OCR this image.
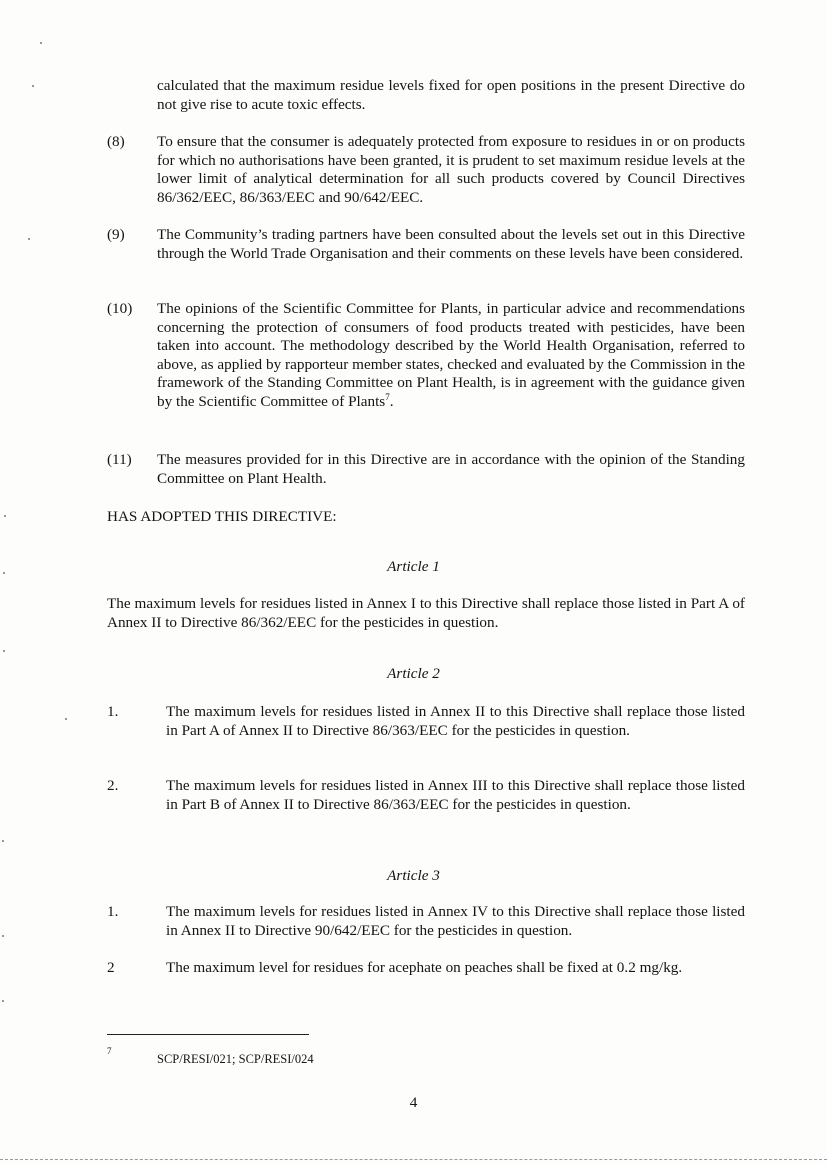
calculated that the maximum residue levels fixed for open positions in the present Directive do not give rise to acute toxic effects.
(8) To ensure that the consumer is adequately protected from exposure to residues in or on products for which no authorisations have been granted, it is prudent to set maximum residue levels at the lower limit of analytical determination for all such products covered by Council Directives 86/362/EEC, 86/363/EEC and 90/642/EEC.
(9) The Community’s trading partners have been consulted about the levels set out in this Directive through the World Trade Organisation and their comments on these levels have been considered.
(10) The opinions of the Scientific Committee for Plants, in particular advice and recommendations concerning the protection of consumers of food products treated with pesticides, have been taken into account. The methodology described by the World Health Organisation, referred to above, as applied by rapporteur member states, checked and evaluated by the Commission in the framework of the Standing Committee on Plant Health, is in agreement with the guidance given by the Scientific Committee of Plants$^7$.
(11) The measures provided for in this Directive are in accordance with the opinion of the Standing Committee on Plant Health.
HAS ADOPTED THIS DIRECTIVE:
Article 1
The maximum levels for residues listed in Annex I to this Directive shall replace those listed in Part A of Annex II to Directive 86/362/EEC for the pesticides in question.
Article 2
1.	The maximum levels for residues listed in Annex II to this Directive shall replace those listed in Part A of Annex II to Directive 86/363/EEC for the pesticides in question.
2.	The maximum levels for residues listed in Annex III to this Directive shall replace those listed in Part B of Annex II to Directive 86/363/EEC for the pesticides in question.
Article 3
1.	The maximum levels for residues listed in Annex IV to this Directive shall replace those listed in Annex II to Directive 90/642/EEC for the pesticides in question.
2	The maximum level for residues for acephate on peaches shall be fixed at 0.2 mg/kg.
7
SCP/RESI/021; SCP/RESI/024
4
